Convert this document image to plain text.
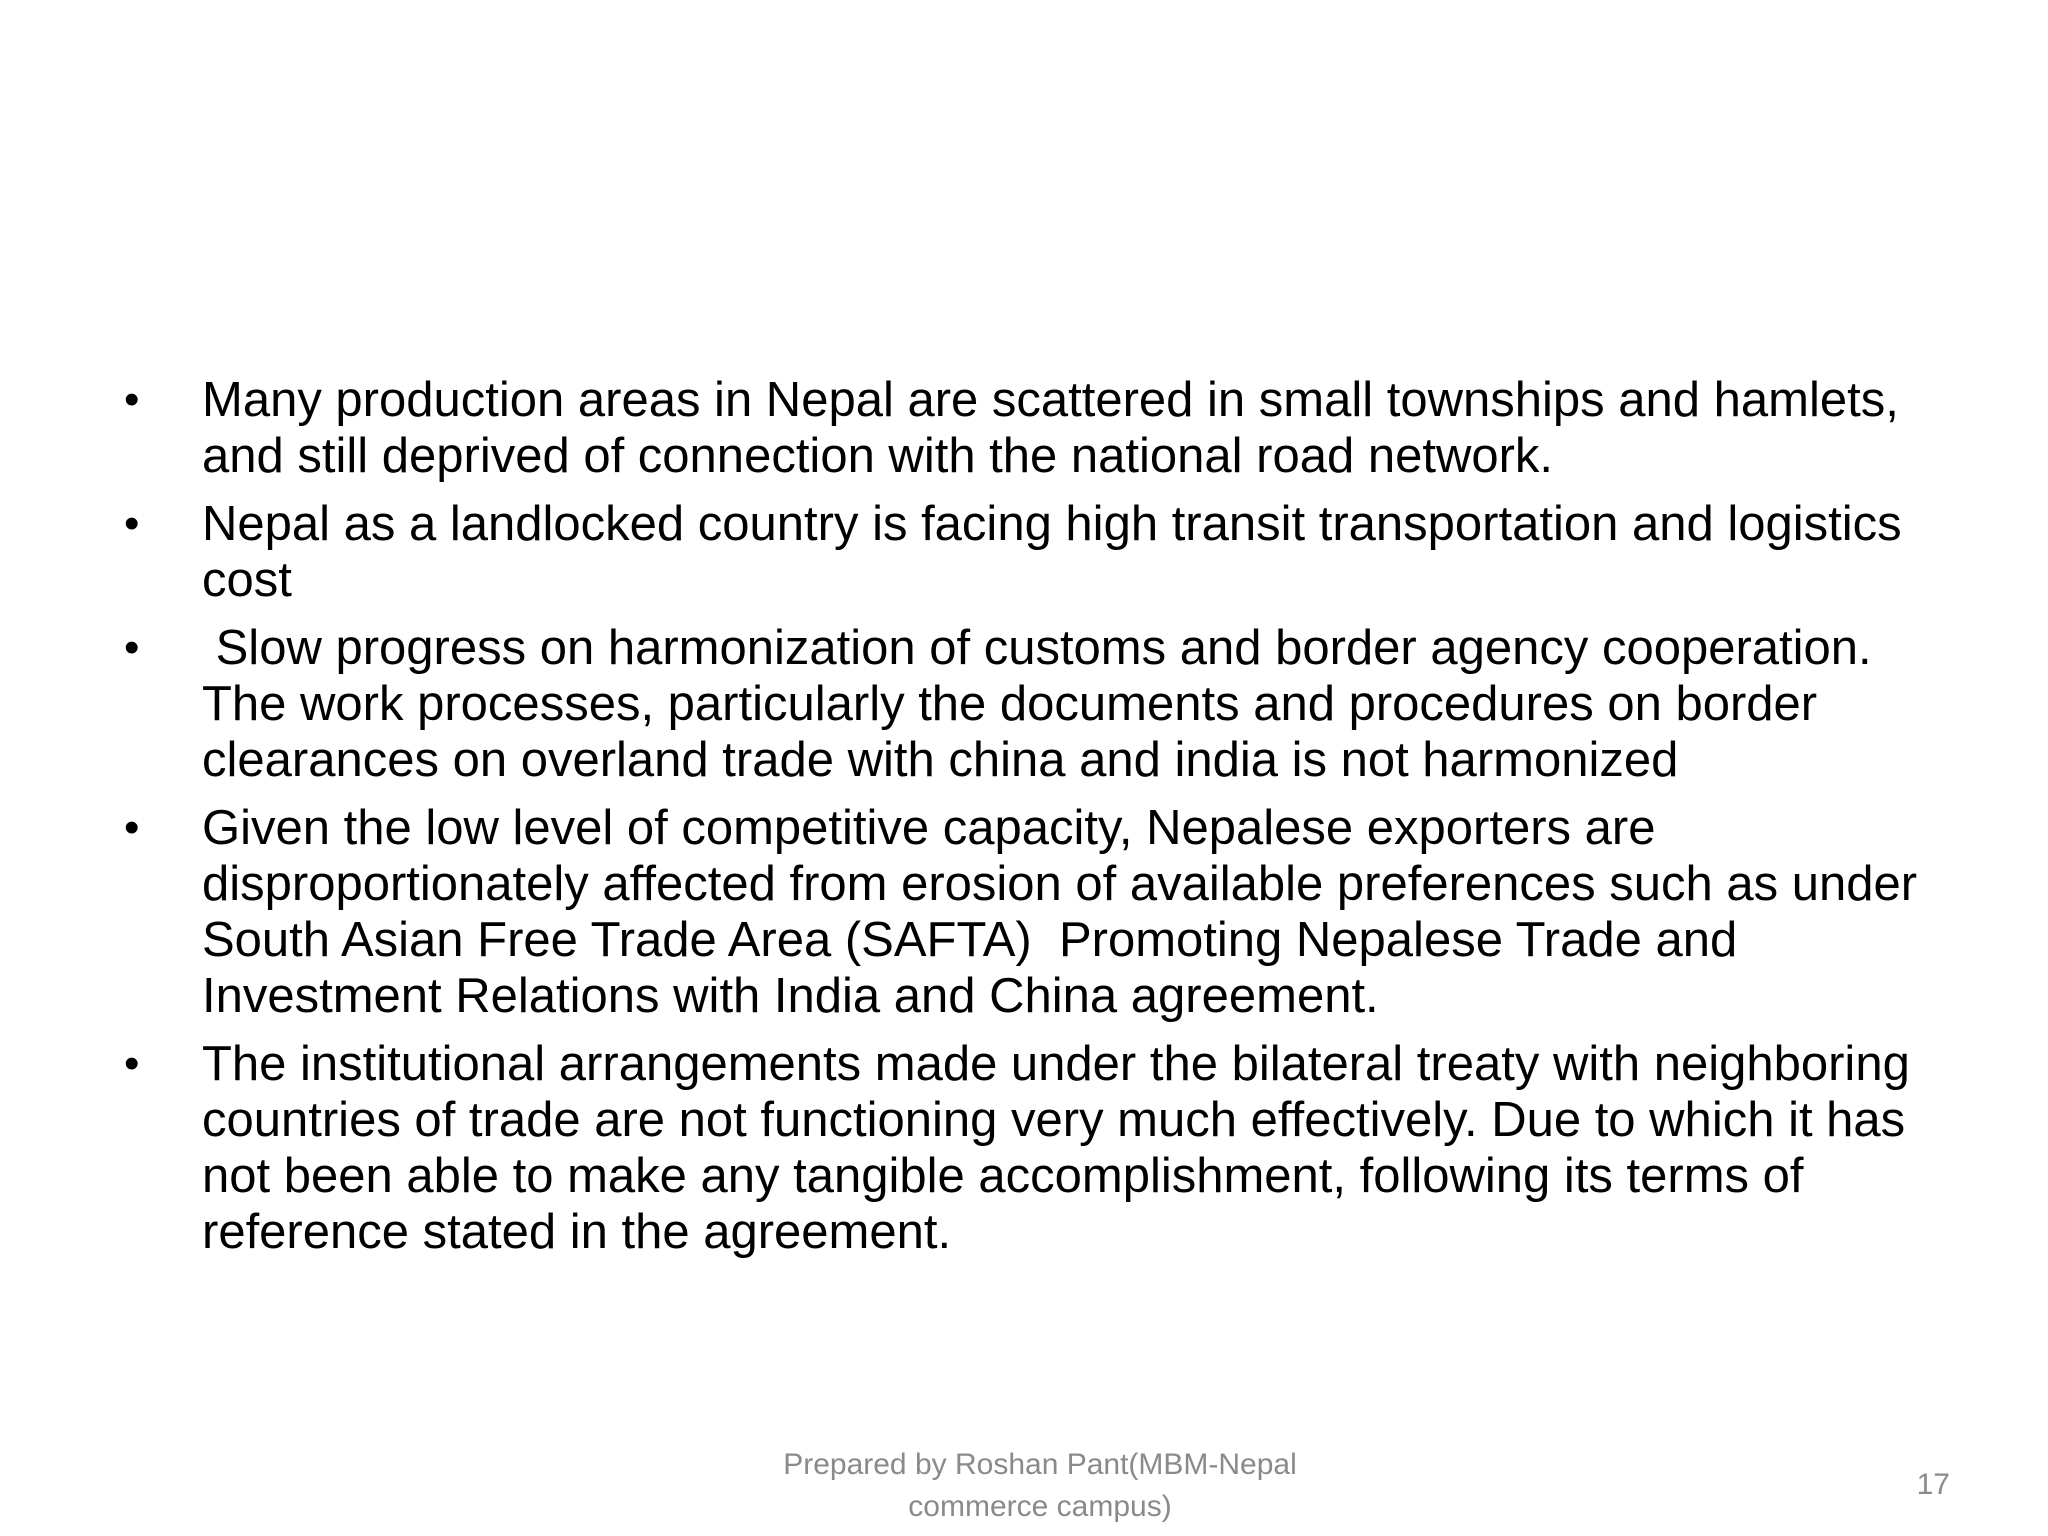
• Many production areas in Nepal are scattered in small townships and hamlets, and still deprived of connection with the national road network.
• Nepal as a landlocked country is facing high transit transportation and logistics cost
• Slow progress on harmonization of customs and border agency cooperation. The work processes, particularly the documents and procedures on border clearances on overland trade with china and india is not harmonized
• Given the low level of competitive capacity, Nepalese exporters are disproportionately affected from erosion of available preferences such as under South Asian Free Trade Area (SAFTA)  Promoting Nepalese Trade and Investment Relations with India and China agreement.
• The institutional arrangements made under the bilateral treaty with neighboring countries of trade are not functioning very much effectively. Due to which it has not been able to make any tangible accomplishment, following its terms of reference stated in the agreement.
Prepared by Roshan Pant(MBM-Nepal
commerce campus)
17
